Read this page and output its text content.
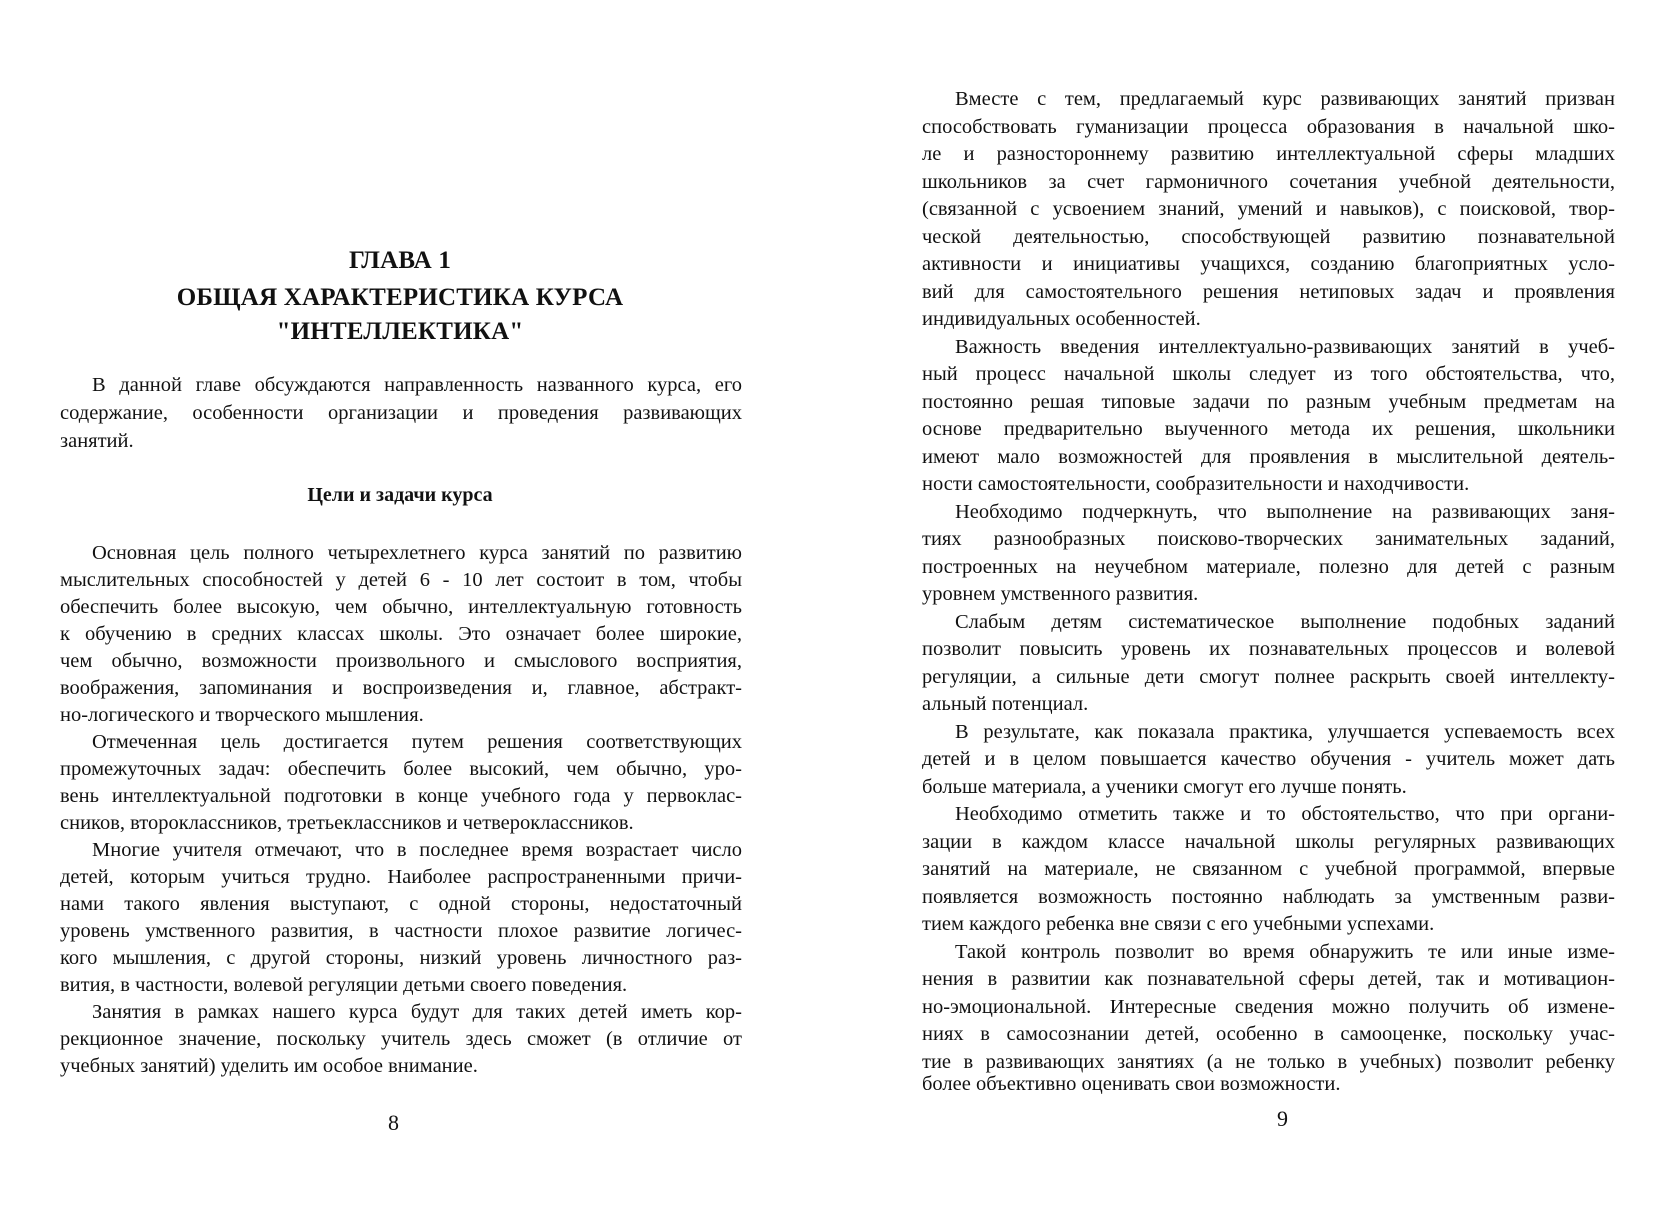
ГЛАВА 1
ОБЩАЯ ХАРАКТЕРИСТИКА КУРСА
"ИНТЕЛЛЕКТИКА"
В данной главе обсуждаются направленность названного курса, его
содержание, особенности организации и проведения развивающих
занятий.
Цели и задачи курса
Основная цель полного четырехлетнего курса занятий по развитию
мыслительных способностей у детей 6 - 10 лет состоит в том, чтобы
обеспечить более высокую, чем обычно, интеллектуальную готовность
к обучению в средних классах школы. Это означает более широкие,
чем обычно, возможности произвольного и смыслового восприятия,
воображения, запоминания и воспроизведения и, главное, абстракт-
но-логического и творческого мышления.
Отмеченная цель достигается путем решения соответствующих
промежуточных задач: обеспечить более высокий, чем обычно, уро-
вень интеллектуальной подготовки в конце учебного года у первоклас-
сников, второклассников, третьеклассников и четвероклассников.
Многие учителя отмечают, что в последнее время возрастает число
детей, которым учиться трудно. Наиболее распространенными причи-
нами такого явления выступают, с одной стороны, недостаточный
уровень умственного развития, в частности плохое развитие логичес-
кого мышления, с другой стороны, низкий уровень личностного раз-
вития, в частности, волевой регуляции детьми своего поведения.
Занятия в рамках нашего курса будут для таких детей иметь кор-
рекционное значение, поскольку учитель здесь сможет (в отличие от
учебных занятий) уделить им особое внимание.
8
Вместе с тем, предлагаемый курс развивающих занятий призван
способствовать гуманизации процесса образования в начальной шко-
ле и разностороннему развитию интеллектуальной сферы младших
школьников за счет гармоничного сочетания учебной деятельности,
(связанной с усвоением знаний, умений и навыков), с поисковой, твор-
ческой деятельностью, способствующей развитию познавательной
активности и инициативы учащихся, созданию благоприятных усло-
вий для самостоятельного решения нетиповых задач и проявления
индивидуальных особенностей.
Важность введения интеллектуально-развивающих занятий в учеб-
ный процесс начальной школы следует из того обстоятельства, что,
постоянно решая типовые задачи по разным учебным предметам на
основе предварительно выученного метода их решения, школьники
имеют мало возможностей для проявления в мыслительной деятель-
ности самостоятельности, сообразительности и находчивости.
Необходимо подчеркнуть, что выполнение на развивающих заня-
тиях разнообразных поисково-творческих занимательных заданий,
построенных на неучебном материале, полезно для детей с разным
уровнем умственного развития.
Слабым детям систематическое выполнение подобных заданий
позволит повысить уровень их познавательных процессов и волевой
регуляции, а сильные дети смогут полнее раскрыть своей интеллекту-
альный потенциал.
В результате, как показала практика, улучшается успеваемость всех
детей и в целом повышается качество обучения - учитель может дать
больше материала, а ученики смогут его лучше понять.
Необходимо отметить также и то обстоятельство, что при органи-
зации в каждом классе начальной школы регулярных развивающих
занятий на материале, не связанном с учебной программой, впервые
появляется возможность постоянно наблюдать за умственным разви-
тием каждого ребенка вне связи с его учебными успехами.
Такой контроль позволит во время обнаружить те или иные изме-
нения в развитии как познавательной сферы детей, так и мотивацион-
но-эмоциональной. Интересные сведения можно получить об измене-
ниях в самосознании детей, особенно в самооценке, поскольку учас-
тие в развивающих занятиях (а не только в учебных) позволит ребенку
более объективно оценивать свои возможности.
9
